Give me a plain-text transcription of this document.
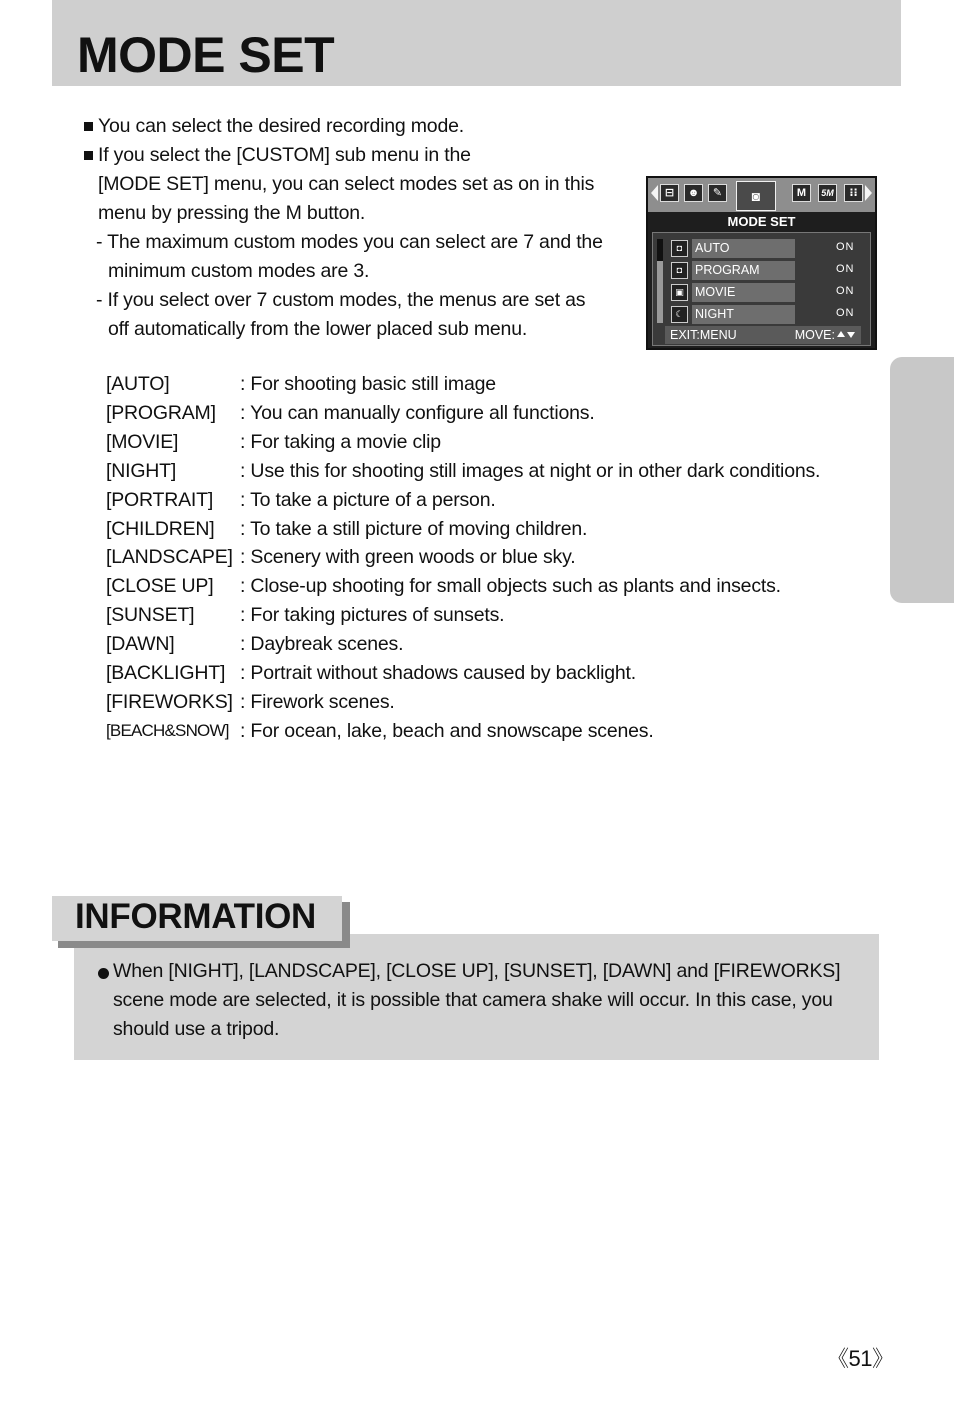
MODE SET
You can select the desired recording mode.
If you select the [CUSTOM] sub menu in the
[MODE SET] menu, you can select modes set as on in this
menu by pressing the M button.
- The maximum custom modes you can select are 7 and the
minimum custom modes are 3.
- If you select over 7 custom modes, the menus are set as
off automatically from the lower placed sub menu.
⊟	☻	✎	◙	M	5M	⁝⁝
MODE SET
◘	AUTO	ON
◘	PROGRAM	ON
▣ MOVIE	ON
☾ NIGHT	ON
EXIT:MENU	MOVE:
[AUTO]	: For shooting basic still image
[PROGRAM]	: You can manually configure all functions.
[MOVIE]	: For taking a movie clip
[NIGHT]	: Use this for shooting still images at night or in other dark conditions.
[PORTRAIT]	: To take a picture of a person.
[CHILDREN]	: To take a still picture of moving children.
[LANDSCAPE] : Scenery with green woods or blue sky.
[CLOSE UP]	: Close-up shooting for small objects such as plants and insects.
[SUNSET]	: For taking pictures of sunsets.
[DAWN]	: Daybreak scenes.
[BACKLIGHT] : Portrait without shadows caused by backlight.
[FIREWORKS] : Firework scenes.
[BEACH&SNOW] : For ocean, lake, beach and snowscape scenes.
When [NIGHT], [LANDSCAPE], [CLOSE UP], [SUNSET], [DAWN] and [FIREWORKS]
scene mode are selected, it is possible that camera shake will occur. In this case, you
should use a tripod.
INFORMATION
《51》
